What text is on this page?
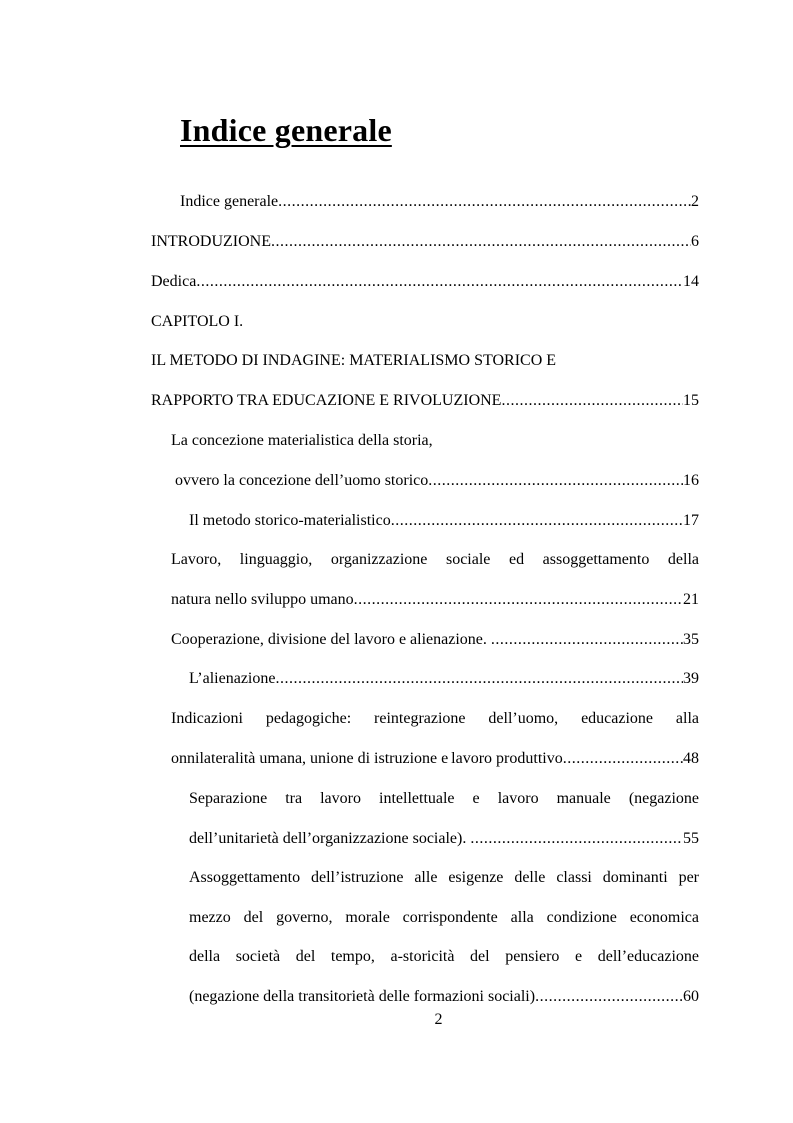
Indice generale
Indice generale .....	2
INTRODUZIONE .....	6
Dedica .....	14
CAPITOLO I.
IL METODO DI INDAGINE: MATERIALISMO STORICO E
RAPPORTO TRA EDUCAZIONE E RIVOLUZIONE .....	15
La concezione materialistica della storia,
ovvero la concezione dell’uomo storico .....	16
Il metodo storico-materialistico .....	17
Lavoro, linguaggio, organizzazione sociale ed assoggettamento della
natura nello sviluppo umano .....	21
Cooperazione, divisione del lavoro e alienazione. .....	35
L’alienazione .....	39
Indicazioni pedagogiche: reintegrazione dell’uomo, educazione alla
onnilateralità umana, unione di istruzione e lavoro produttivo .....	48
Separazione tra lavoro intellettuale e lavoro manuale (negazione
dell’unitarietà dell’organizzazione sociale). .....	55
Assoggettamento dell’istruzione alle esigenze delle classi dominanti per
mezzo del governo, morale corrispondente alla condizione economica
della società del tempo, a-storicità del pensiero e dell’educazione
(negazione della transitorietà delle formazioni sociali) .....	60
2
